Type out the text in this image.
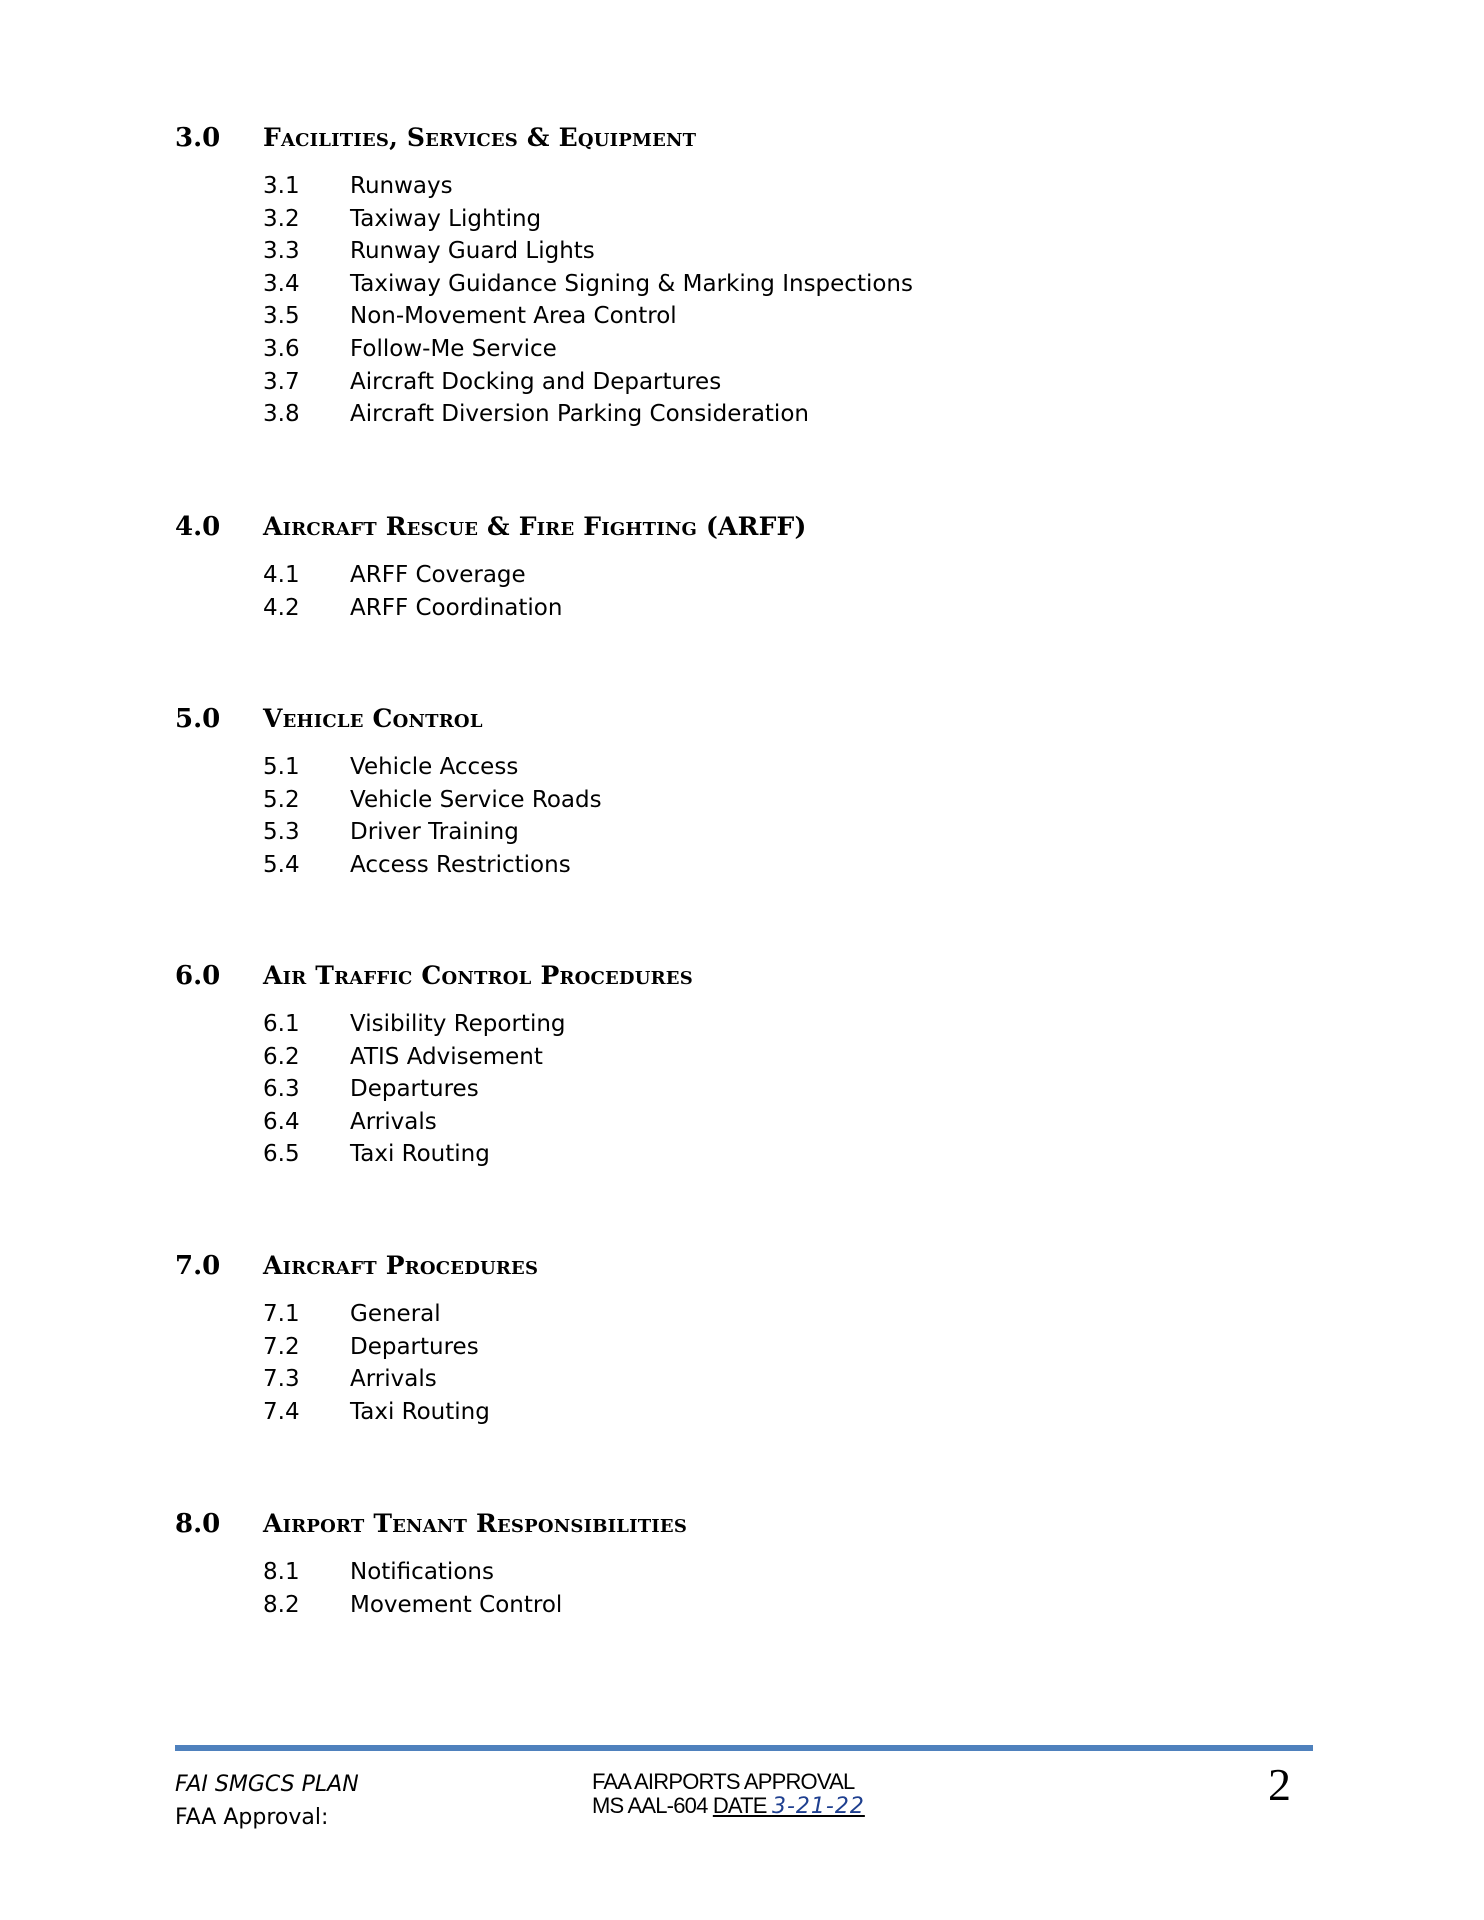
3.0 Facilities, Services & Equipment
3.1 Runways
3.2 Taxiway Lighting
3.3 Runway Guard Lights
3.4 Taxiway Guidance Signing & Marking Inspections
3.5 Non-Movement Area Control
3.6 Follow-Me Service
3.7 Aircraft Docking and Departures
3.8 Aircraft Diversion Parking Consideration
4.0 Aircraft Rescue & Fire Fighting (ARFF)
4.1 ARFF Coverage
4.2 ARFF Coordination
5.0 Vehicle Control
5.1 Vehicle Access
5.2 Vehicle Service Roads
5.3 Driver Training
5.4 Access Restrictions
6.0 Air Traffic Control Procedures
6.1 Visibility Reporting
6.2 ATIS Advisement
6.3 Departures
6.4 Arrivals
6.5 Taxi Routing
7.0 Aircraft Procedures
7.1 General
7.2 Departures
7.3 Arrivals
7.4 Taxi Routing
8.0 Airport Tenant Responsibilities
8.1 Notifications
8.2 Movement Control
FAI SMGCS PLAN
FAA Approval:
FAA AIRPORTS APPROVAL
MS AAL-604 DATE 3-21-22	2
